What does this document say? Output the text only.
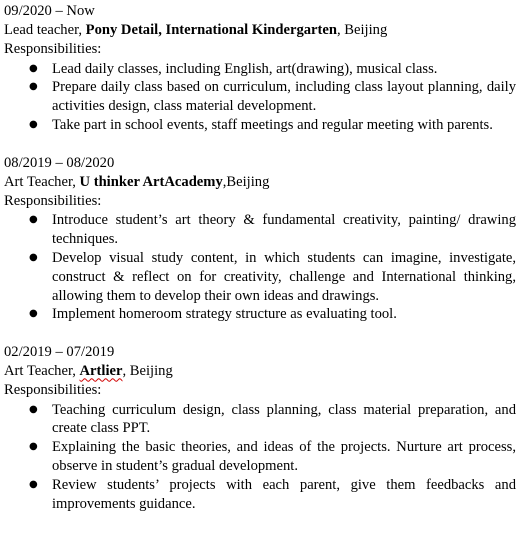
09/2020 – Now
Lead teacher, Pony Detail, International Kindergarten, Beijing
Responsibilities:
● Lead daily classes, including English, art(drawing), musical class.
● Prepare daily class based on curriculum, including class layout planning, daily activities design, class material development.
● Take part in school events, staff meetings and regular meeting with parents.
08/2019 – 08/2020
Art Teacher, U thinker ArtAcademy,Beijing
Responsibilities:
● Introduce student’s art theory & fundamental creativity, painting/ drawing techniques.
● Develop visual study content, in which students can imagine, investigate, construct & reflect on for creativity, challenge and International thinking, allowing them to develop their own ideas and drawings.
● Implement homeroom strategy structure as evaluating tool.
02/2019 – 07/2019
Art Teacher, Artlier, Beijing
Responsibilities:
● Teaching curriculum design, class planning, class material preparation, and create class PPT.
● Explaining the basic theories, and ideas of the projects. Nurture art process, observe in student’s gradual development.
● Review students’ projects with each parent, give them feedbacks and improvements guidance.
